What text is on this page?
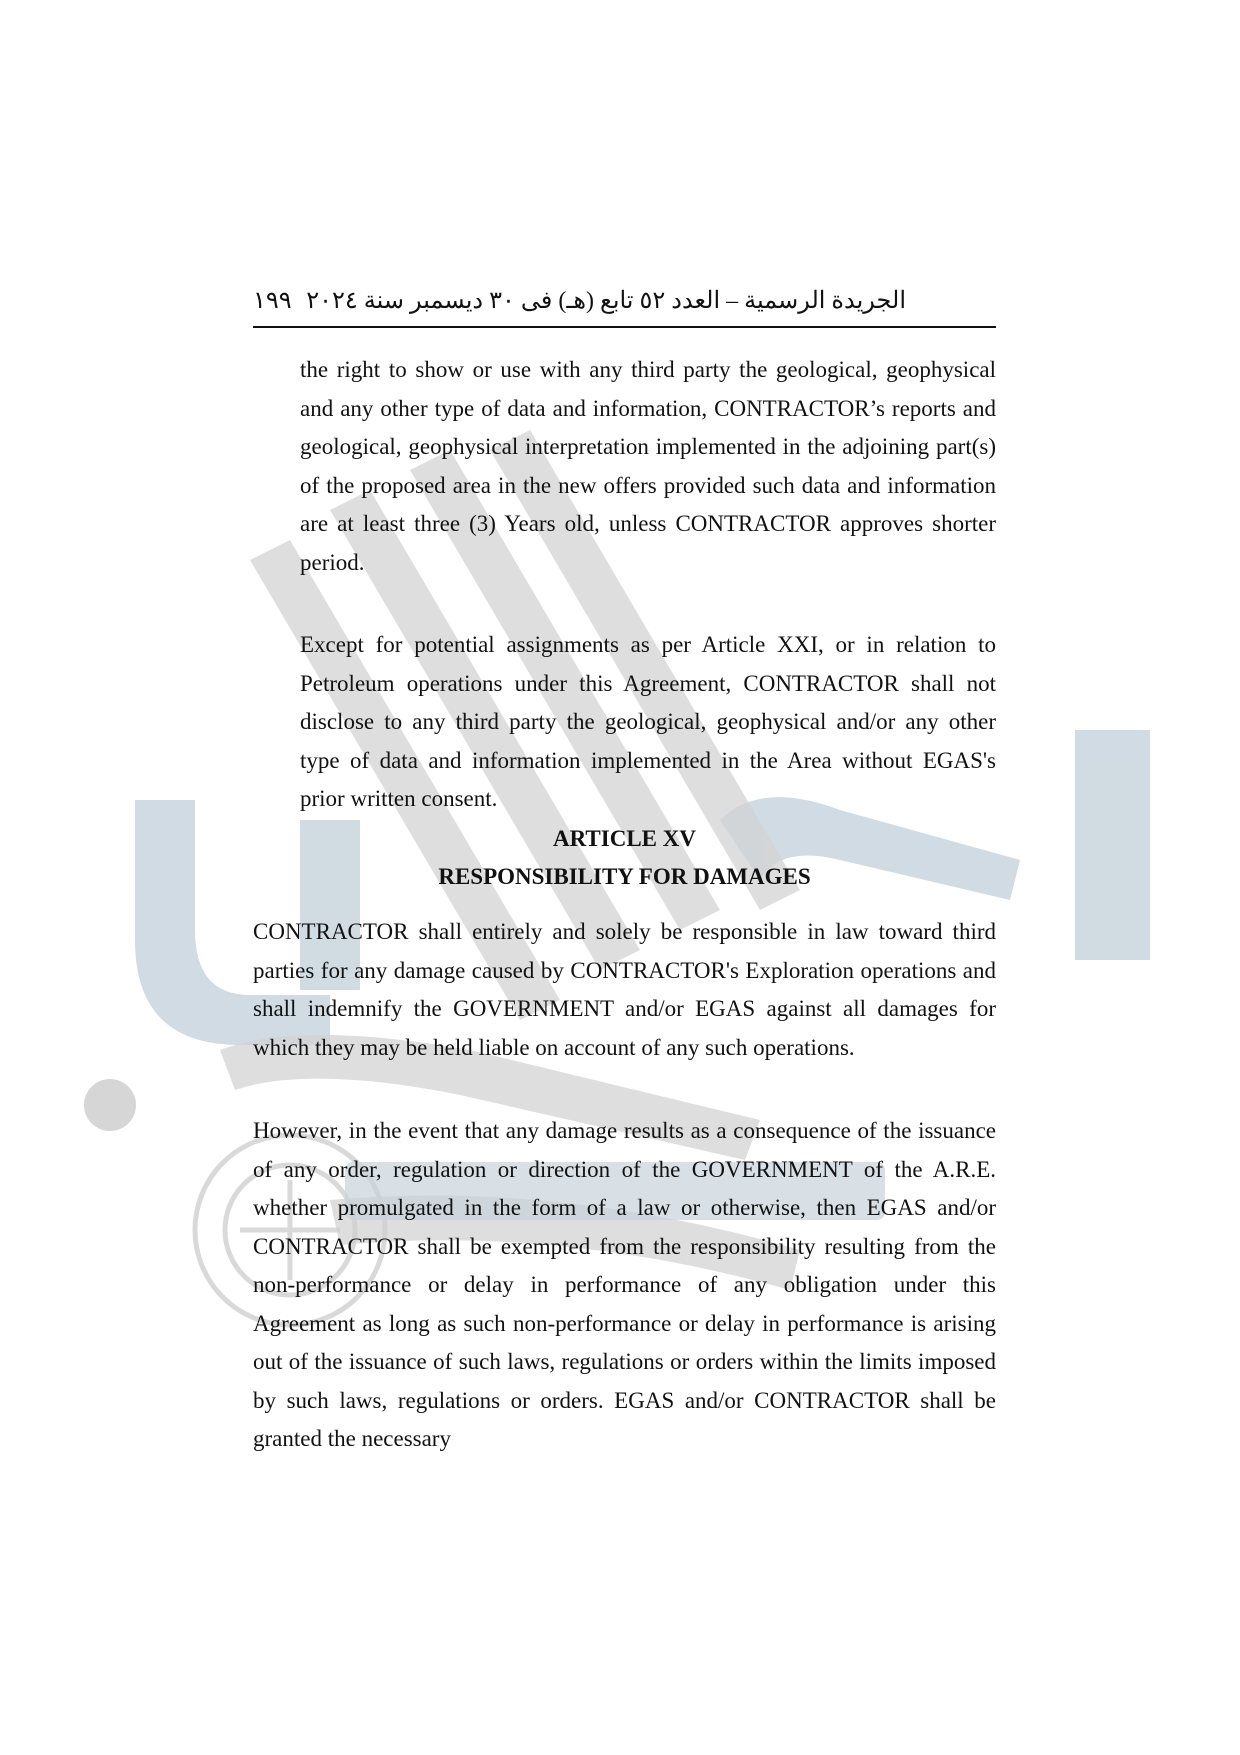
الجريدة الرسمية – العدد ٥٢ تابع (هـ) فى ٣٠ ديسمبر سنة ٢٠٢٤
١٩٩

the right to show or use with any third party the geological, geophysical and any other type of data and information, CONTRACTOR’s reports and geological, geophysical interpretation implemented in the adjoining part(s) of the proposed area in the new offers provided such data and information are at least three (3) Years old, unless CONTRACTOR approves shorter period.

Except for potential assignments as per Article XXI, or in relation to Petroleum operations under this Agreement, CONTRACTOR shall not disclose to any third party the geological, geophysical and/or any other type of data and information implemented in the Area without EGAS's prior written consent.

ARTICLE XV
RESPONSIBILITY FOR DAMAGES

CONTRACTOR shall entirely and solely be responsible in law toward third parties for any damage caused by CONTRACTOR's Exploration operations and shall indemnify the GOVERNMENT and/or EGAS against all damages for which they may be held liable on account of any such operations.

However, in the event that any damage results as a consequence of the issuance of any order, regulation or direction of the GOVERNMENT of the A.R.E. whether promulgated in the form of a law or otherwise, then EGAS and/or CONTRACTOR shall be exempted from the responsibility resulting from the non-performance or delay in performance of any obligation under this Agreement as long as such non-performance or delay in performance is arising out of the issuance of such laws, regulations or orders within the limits imposed by such laws, regulations or orders. EGAS and/or CONTRACTOR shall be granted the necessary
